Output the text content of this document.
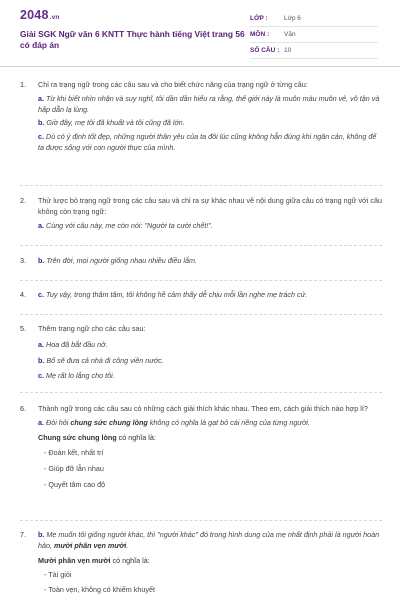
2048.vn
Giải SGK Ngữ văn 6 KNTT Thực hành tiếng Việt trang 56 có đáp án
LỚP :	Lớp 6
MÔN :	Văn
SỐ CÂU : 10
1.	Chỉ ra trạng ngữ trong các câu sau và cho biết chức năng của trạng ngữ ở từng câu:
a. Từ khi biết nhìn nhận và suy nghĩ, tôi dần dần hiểu ra rằng, thế giới này là muôn màu muôn vẻ, vô tận và hấp dẫn lạ lùng.
b. Giờ đây, mẹ tôi đã khuất và tôi cũng đã lớn.
c. Dù có ý định tốt đẹp, những người thân yêu của ta đôi lúc cũng không hẳn đúng khi ngăn cản, không để ta được sống với con người thực của mình.
2.	Thử lược bỏ trạng ngữ trong các câu sau và chỉ ra sự khác nhau về nội dung giữa câu có trạng ngữ với câu không còn trạng ngữ:
a. Cùng với câu này, mẹ còn nói: "Người ta cười chết!".
3.	b. Trên đời, mọi người giống nhau nhiều điều lắm.
4.	c. Tuy vậy, trong thâm tâm, tôi không hề cảm thấy dễ chịu mỗi lần nghe mẹ trách cứ.
5.	Thêm trạng ngữ cho các câu sau:
a. Hoa đã bắt đầu nở.
b. Bố sẽ đưa cả nhà đi công viên nước.
c. Mẹ rất lo lắng cho tôi.
6.	Thành ngữ trong các câu sau có những cách giải thích khác nhau. Theo em, cách giải thích nào hợp lí?
a. Đòi hỏi chung sức chung lòng không có nghĩa là gạt bỏ cái riêng của từng người.
Chung sức chung lòng có nghĩa là:
- Đoàn kết, nhất trí
- Giúp đỡ lẫn nhau
- Quyết tâm cao độ
7.	b. Mẹ muốn tôi giống người khác, thì "người khác" đó trong hình dung của mẹ nhất định phải là người hoàn hảo, mười phân vẹn mười.
Mười phân vẹn mười có nghĩa là:
- Tài giỏi
- Toàn vẹn, không có khiếm khuyết
